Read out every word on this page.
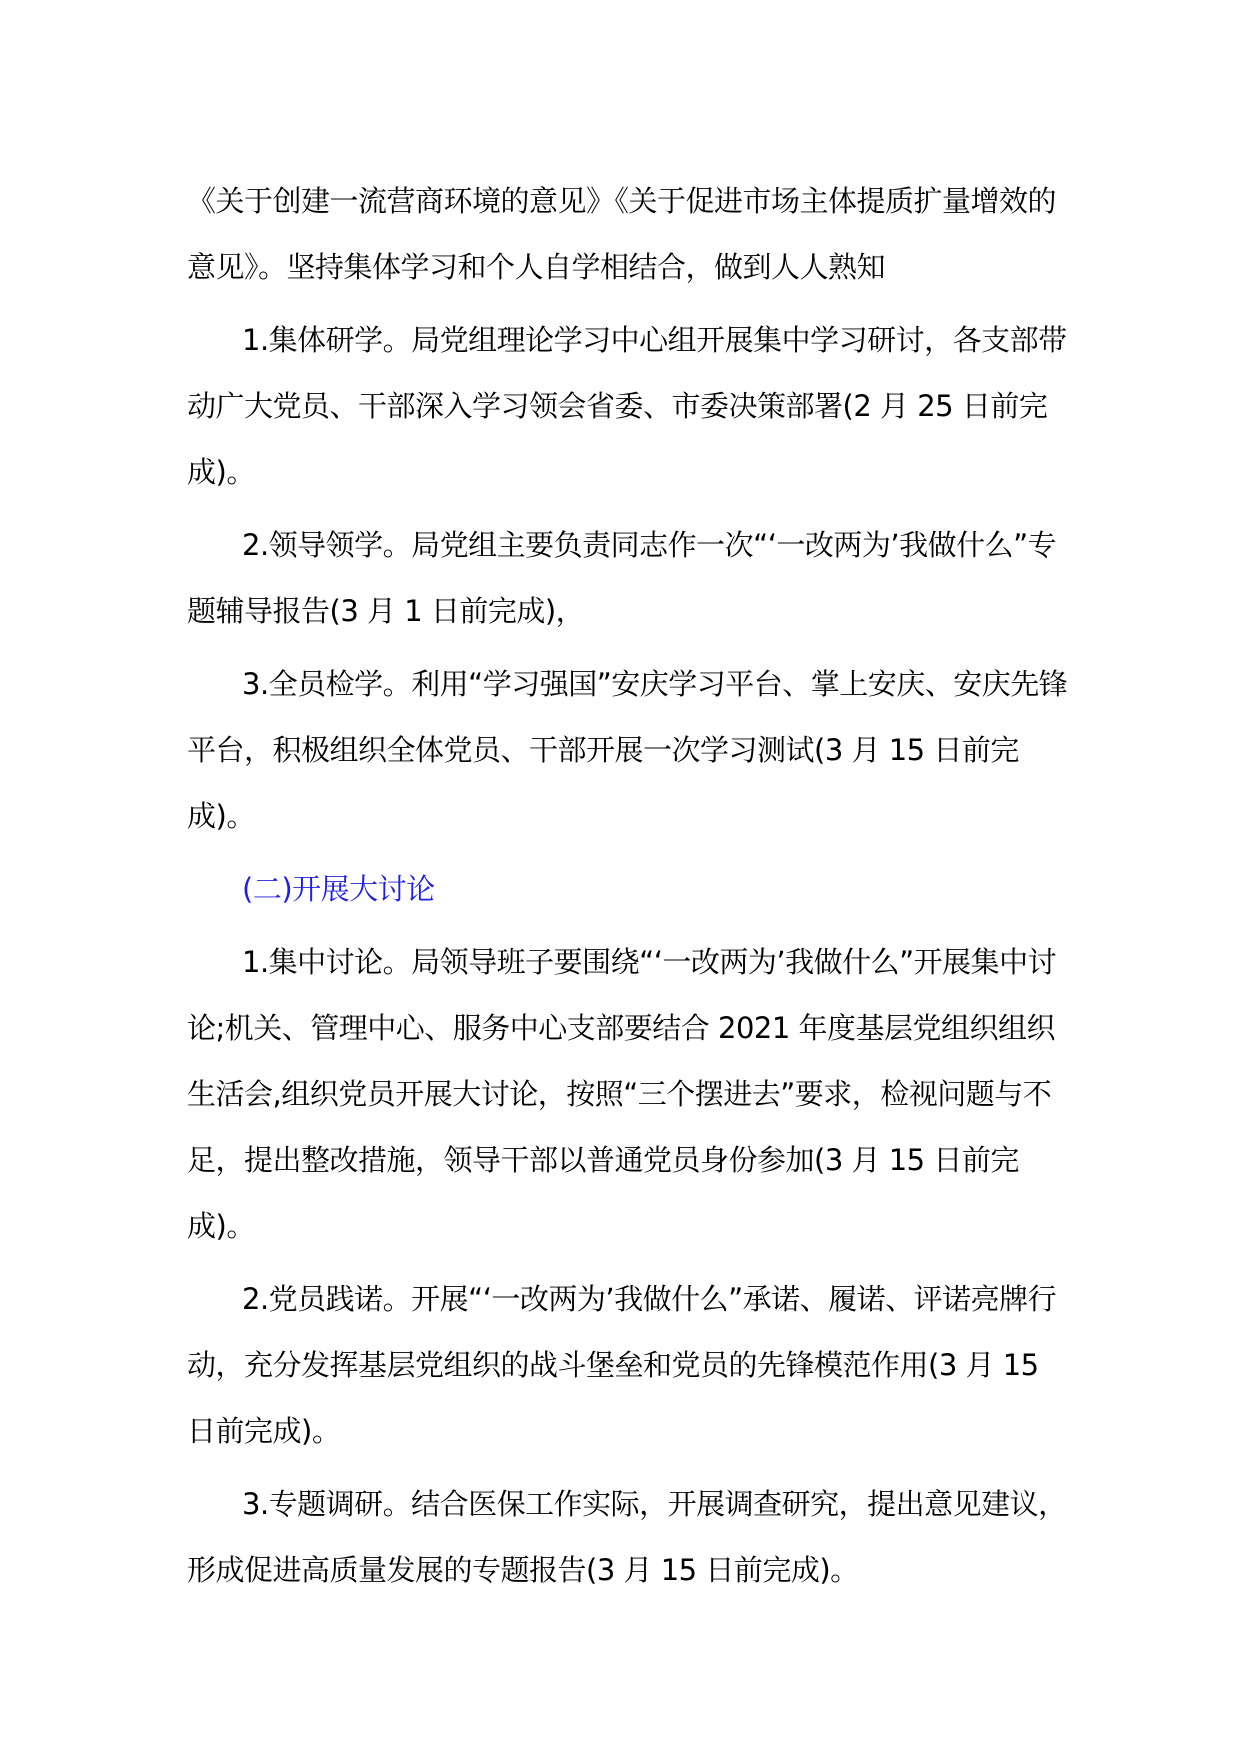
《关于创建一流营商环境的意见》《关于促进市场主体提质扩量增效的意见》。坚持集体学习和个人自学相结合，做到人人熟知

1.集体研学。局党组理论学习中心组开展集中学习研讨，各支部带动广大党员、干部深入学习领会省委、市委决策部署(2 月 25 日前完成)。

2.领导领学。局党组主要负责同志作一次“‘一改两为’我做什么”专题辅导报告(3 月 1 日前完成)，

3.全员检学。利用“学习强国”安庆学习平台、掌上安庆、安庆先锋平台，积极组织全体党员、干部开展一次学习测试(3 月 15 日前完成)。

(二)开展大讨论

1.集中讨论。局领导班子要围绕“‘一改两为’我做什么”开展集中讨论;机关、管理中心、服务中心支部要结合 2021 年度基层党组织组织生活会,组织党员开展大讨论，按照“三个摆进去”要求，检视问题与不足，提出整改措施，领导干部以普通党员身份参加(3 月 15 日前完成)。

2.党员践诺。开展“‘一改两为’我做什么”承诺、履诺、评诺亮牌行动，充分发挥基层党组织的战斗堡垒和党员的先锋模范作用(3 月 15 日前完成)。

3.专题调研。结合医保工作实际，开展调查研究，提出意见建议，形成促进高质量发展的专题报告(3 月 15 日前完成)。
